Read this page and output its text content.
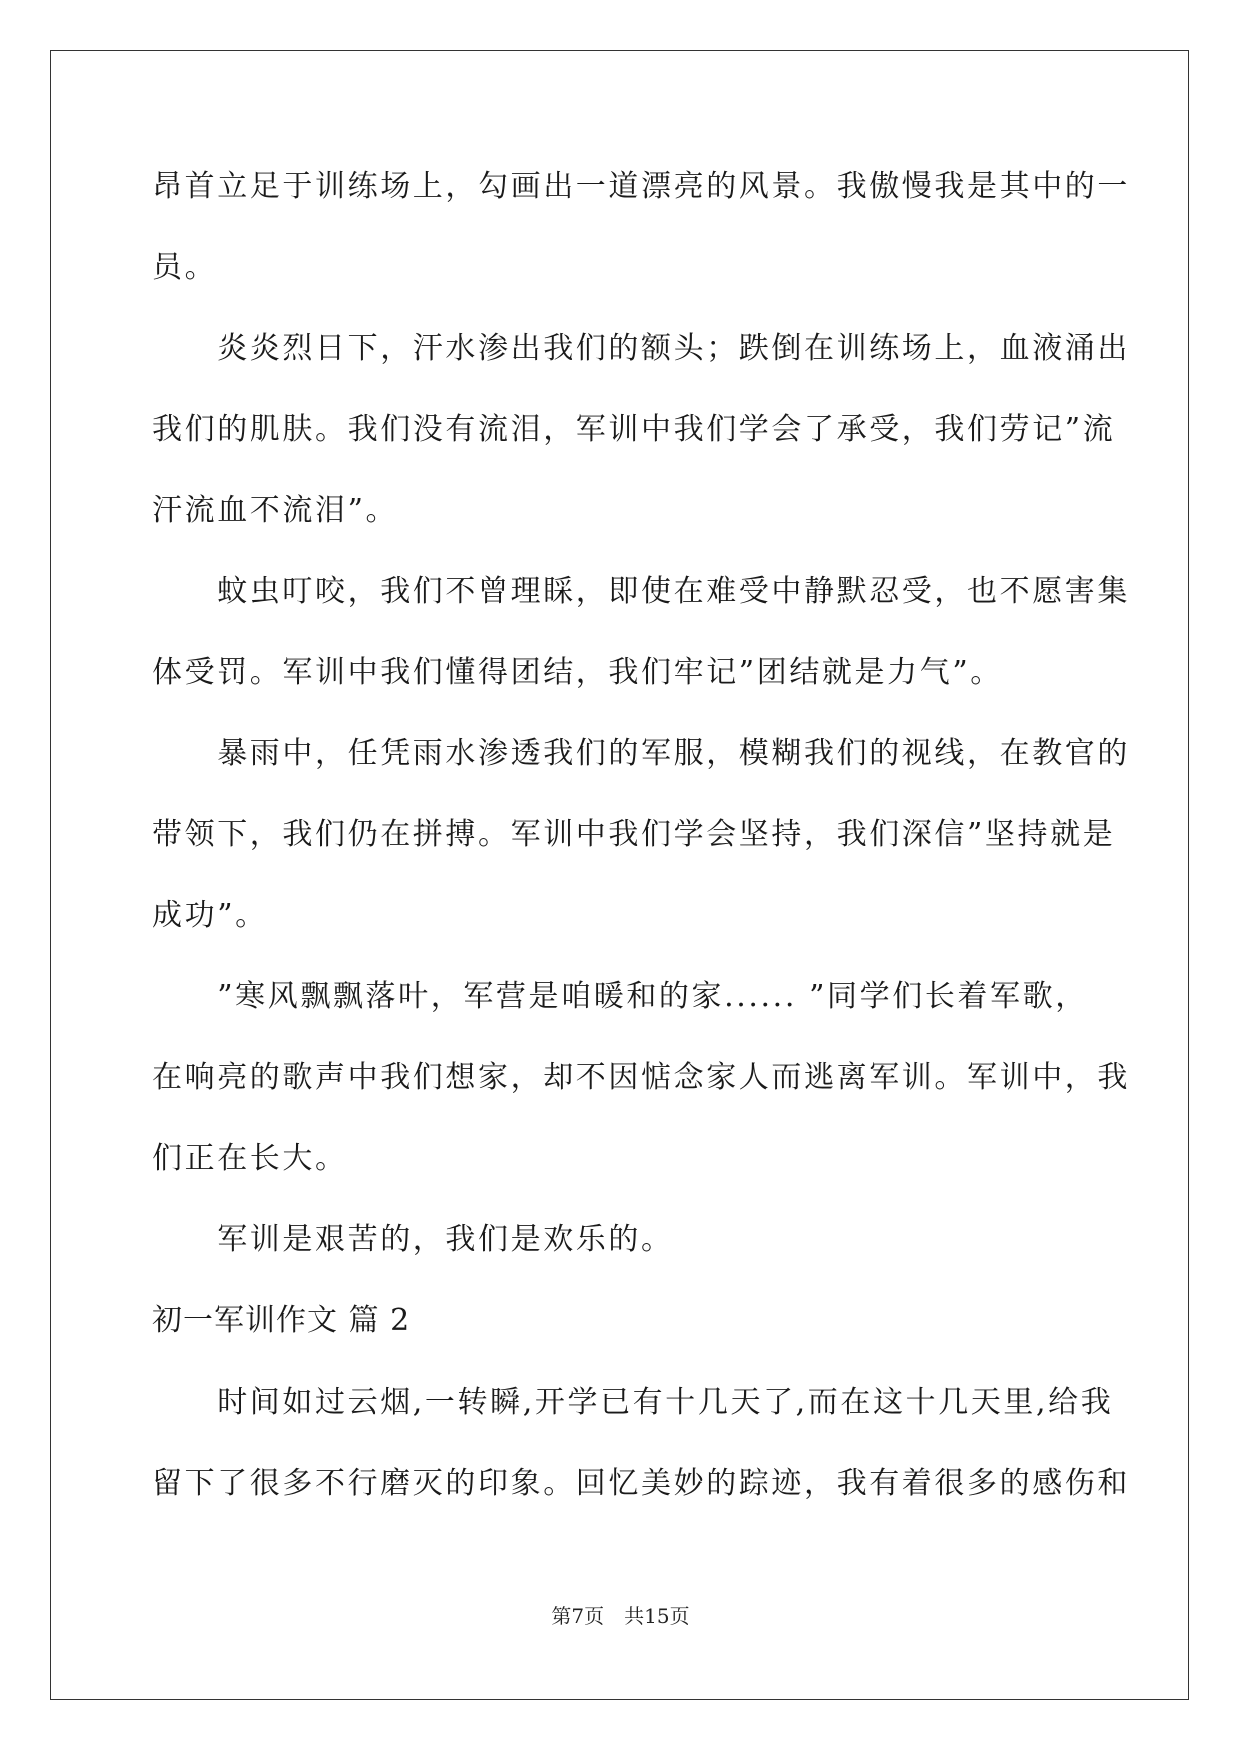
昂首立足于训练场上，勾画出一道漂亮的风景。我傲慢我是其中的一
员。
　　炎炎烈日下，汗水渗出我们的额头；跌倒在训练场上，血液涌出
我们的肌肤。我们没有流泪，军训中我们学会了承受，我们劳记”流
汗流血不流泪”。
　　蚊虫叮咬，我们不曾理睬，即使在难受中静默忍受，也不愿害集
体受罚。军训中我们懂得团结，我们牢记”团结就是力气”。
　　暴雨中，任凭雨水渗透我们的军服，模糊我们的视线，在教官的
带领下，我们仍在拼搏。军训中我们学会坚持，我们深信”坚持就是
成功”。
　　”寒风飘飘落叶，军营是咱暖和的家...... ”同学们长着军歌，
在响亮的歌声中我们想家，却不因惦念家人而逃离军训。军训中，我
们正在长大。
　　军训是艰苦的，我们是欢乐的。
初一军训作文 篇 2
　　时间如过云烟,一转瞬,开学已有十几天了,而在这十几天里,给我
留下了很多不行磨灭的印象。回忆美妙的踪迹，我有着很多的感伤和
第7页　共15页
